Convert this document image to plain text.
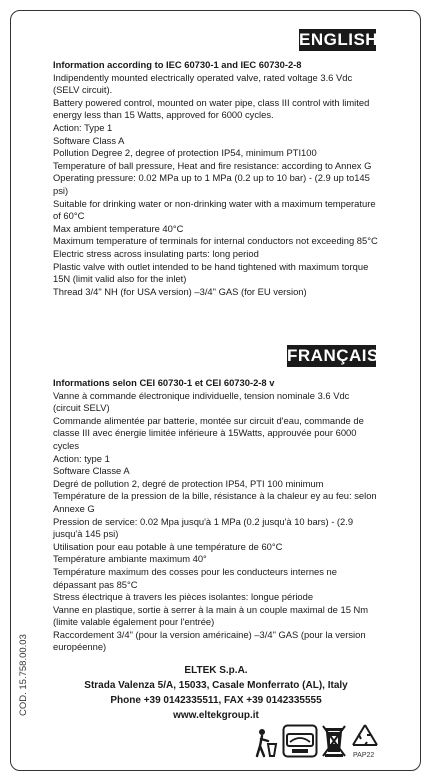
ENGLISH

Information according to IEC 60730-1 and IEC 60730-2-8

Indipendently mounted electrically operated valve, rated voltage 3.6 Vdc (SELV circuit).

Battery powered control, mounted on water pipe, class III control with limited energy less than 15 Watts, approved for 6000 cycles.

Action: Type 1

Software Class A

Pollution Degree 2, degree of protection IP54, minimum PTI100

Temperature of ball pressure, Heat and fire resistance: according to Annex G

Operating pressure: 0.02 MPa up to 1 MPa (0.2 up to 10 bar) - (2.9 up to145 psi)

Suitable for drinking water or non-drinking water with a maximum temperature of 60°C

Max ambient temperature 40°C

Maximum temperature of terminals for internal conductors not exceeding 85°C

Electric stress across insulating parts: long period

Plastic valve with outlet intended to be hand tightened with maximum torque 15N (limit valid also for the inlet)

Thread 3/4" NH (for USA version) –3/4" GAS (for EU version)

FRANÇAIS

Informations selon CEI 60730-1 et CEI 60730-2-8 v

Vanne à commande électronique individuelle, tension nominale 3.6 Vdc (circuit SELV)

Commande alimentée par batterie, montée sur circuit d'eau, commande de classe III avec énergie limitée inférieure à 15Watts, approuvée pour 6000 cycles

Action: type 1

Software Classe A

Degré de pollution 2, degré de protection IP54, PTI 100 minimum

Température de la pression de la bille, résistance à la chaleur ey au feu: selon Annexe G

Pression de service: 0.02 Mpa jusqu'à 1 MPa (0.2 jusqu'à 10 bars) - (2.9 jusqu'à 145 psi)

Utilisation pour eau potable à une température de 60°C

Température ambiante maximum 40°

Température maximum des cosses pour les conducteurs internes ne dépassant pas 85°C

Stress électrique à travers les pièces isolantes: longue période

Vanne en plastique, sortie à serrer à la main à un couple maximal de 15 Nm (limite valable également pour l'entrée)

Raccordement 3/4" (pour la version américaine) –3/4" GAS (pour la version européenne)

ELTEK S.p.A.

Strada Valenza 5/A, 15033, Casale Monferrato (AL), Italy

Phone +39 0142335511, FAX +39 0142335555

www.eltekgroup.it

COD. 15.758.00.03
PAP22
